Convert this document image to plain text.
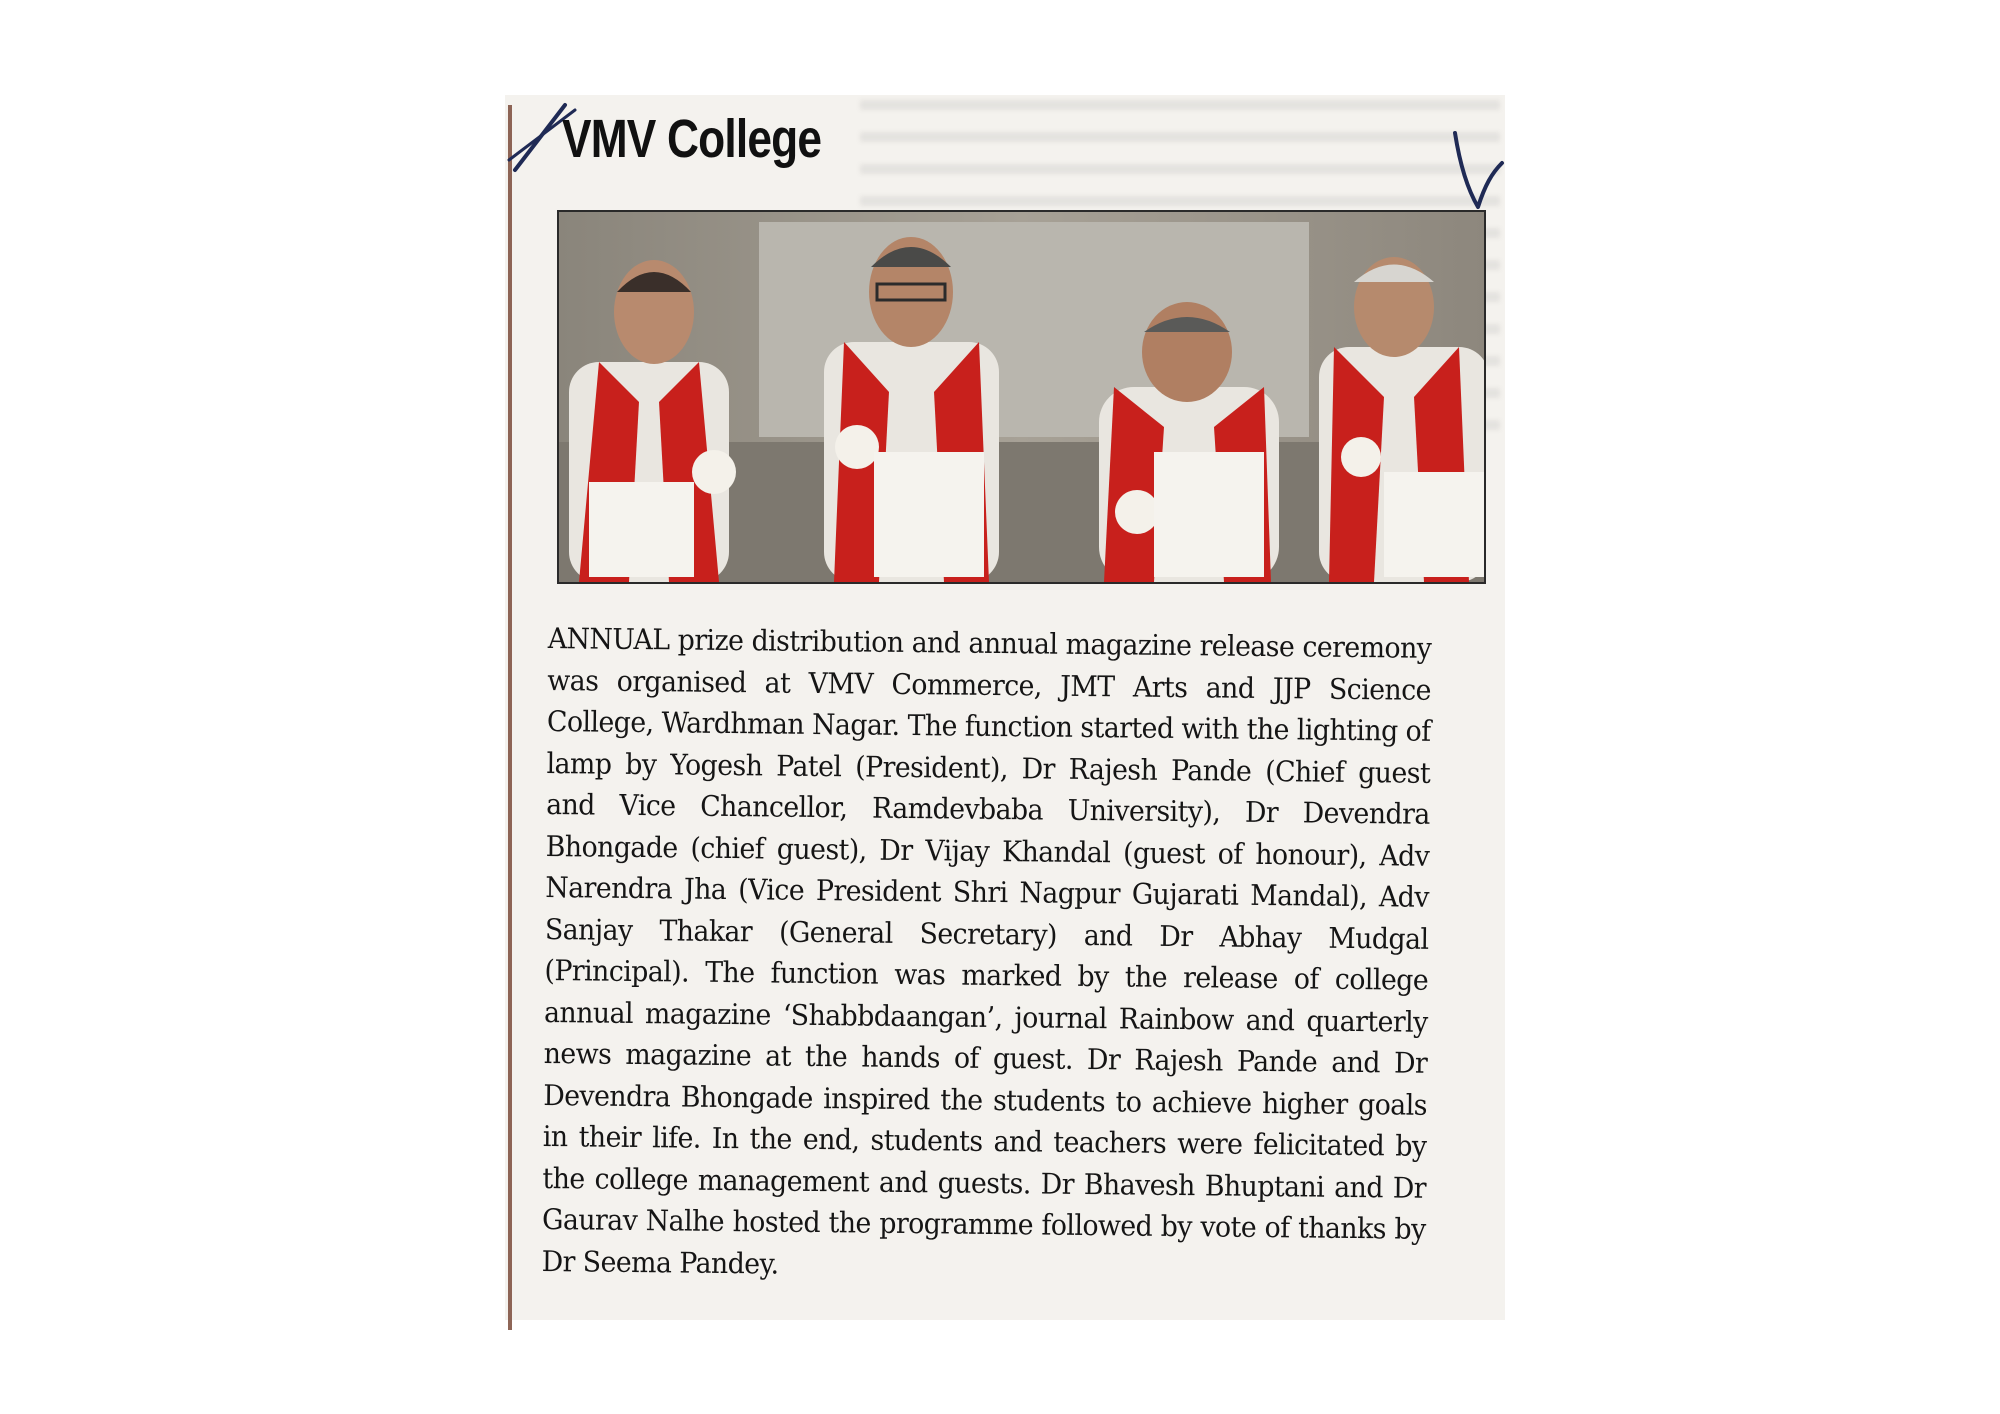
VMV College

ANNUAL prize distribution and annual magazine release ceremony was organised at VMV Commerce, JMT Arts and JJP Science College, Wardhman Nagar. The function started with the lighting of lamp by Yogesh Patel (President), Dr Rajesh Pande (Chief guest and Vice Chancellor, Ramdevbaba University), Dr Devendra Bhongade (chief guest), Dr Vijay Khandal (guest of honour), Adv Narendra Jha (Vice President Shri Nagpur Gujarati Mandal), Adv Sanjay Thakar (General Secretary) and Dr Abhay Mudgal (Principal). The function was marked by the release of college annual magazine ‘Shabbdaangan’, journal Rainbow and quarterly news magazine at the hands of guest. Dr Rajesh Pande and Dr Devendra Bhongade inspired the students to achieve higher goals in their life. In the end, students and teachers were felicitated by the college management and guests. Dr Bhavesh Bhuptani and Dr Gaurav Nalhe hosted the programme followed by vote of thanks by Dr Seema Pandey.
